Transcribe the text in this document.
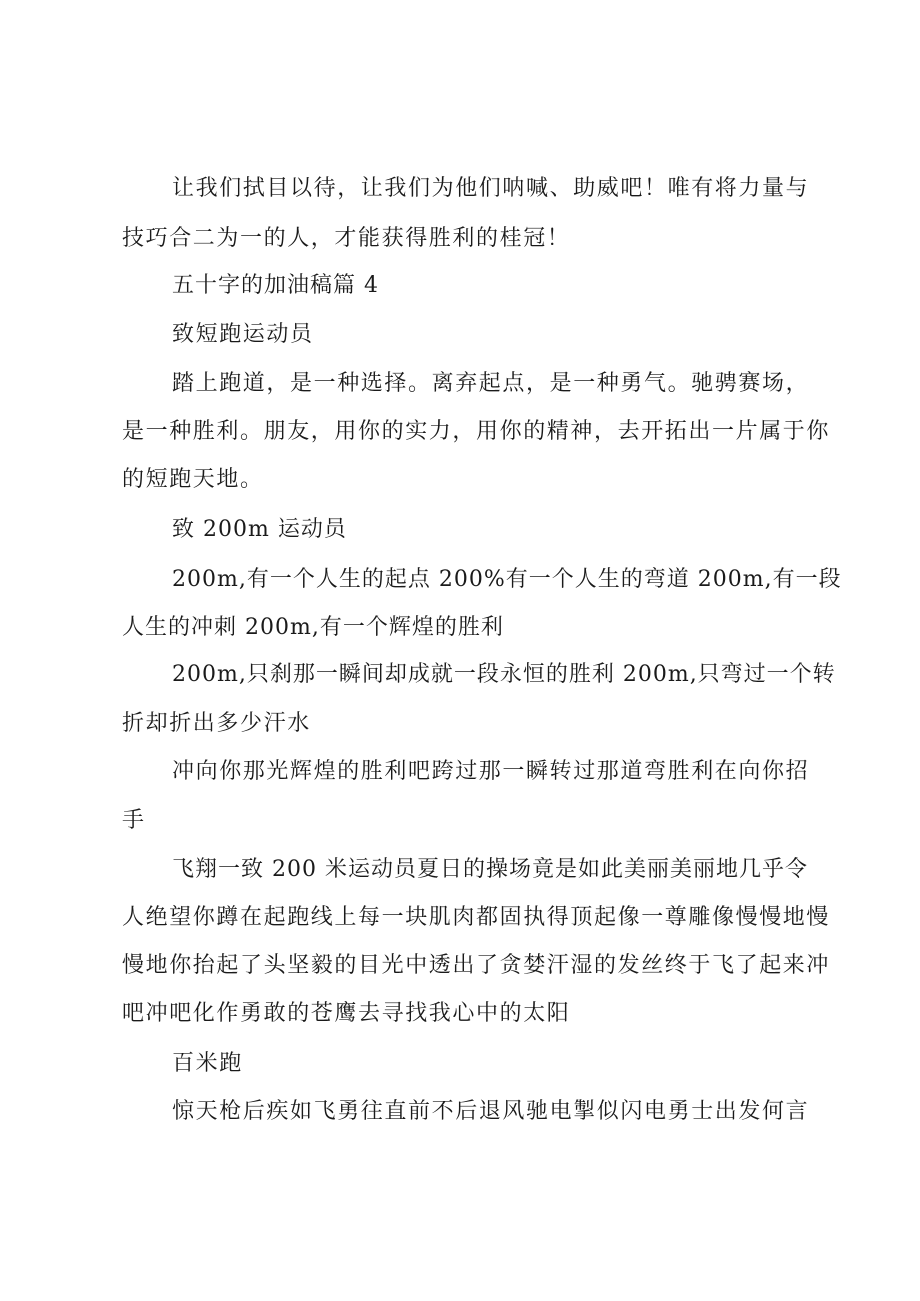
让我们拭目以待，让我们为他们呐喊、助威吧！唯有将力量与
技巧合二为一的人，才能获得胜利的桂冠！
五十字的加油稿篇 4
致短跑运动员
踏上跑道，是一种选择。离弃起点，是一种勇气。驰骋赛场，
是一种胜利。朋友，用你的实力，用你的精神，去开拓出一片属于你
的短跑天地。
致 200m 运动员
200m,有一个人生的起点 200%有一个人生的弯道 200m,有一段
人生的冲刺 200m,有一个辉煌的胜利
200m,只刹那一瞬间却成就一段永恒的胜利 200m,只弯过一个转
折却折出多少汗水
冲向你那光辉煌的胜利吧跨过那一瞬转过那道弯胜利在向你招
手
飞翔一致 200 米运动员夏日的操场竟是如此美丽美丽地几乎令
人绝望你蹲在起跑线上每一块肌肉都固执得顶起像一尊雕像慢慢地慢
慢地你抬起了头坚毅的目光中透出了贪婪汗湿的发丝终于飞了起来冲
吧冲吧化作勇敢的苍鹰去寻找我心中的太阳
百米跑
惊天枪后疾如飞勇往直前不后退风驰电掣似闪电勇士出发何言
